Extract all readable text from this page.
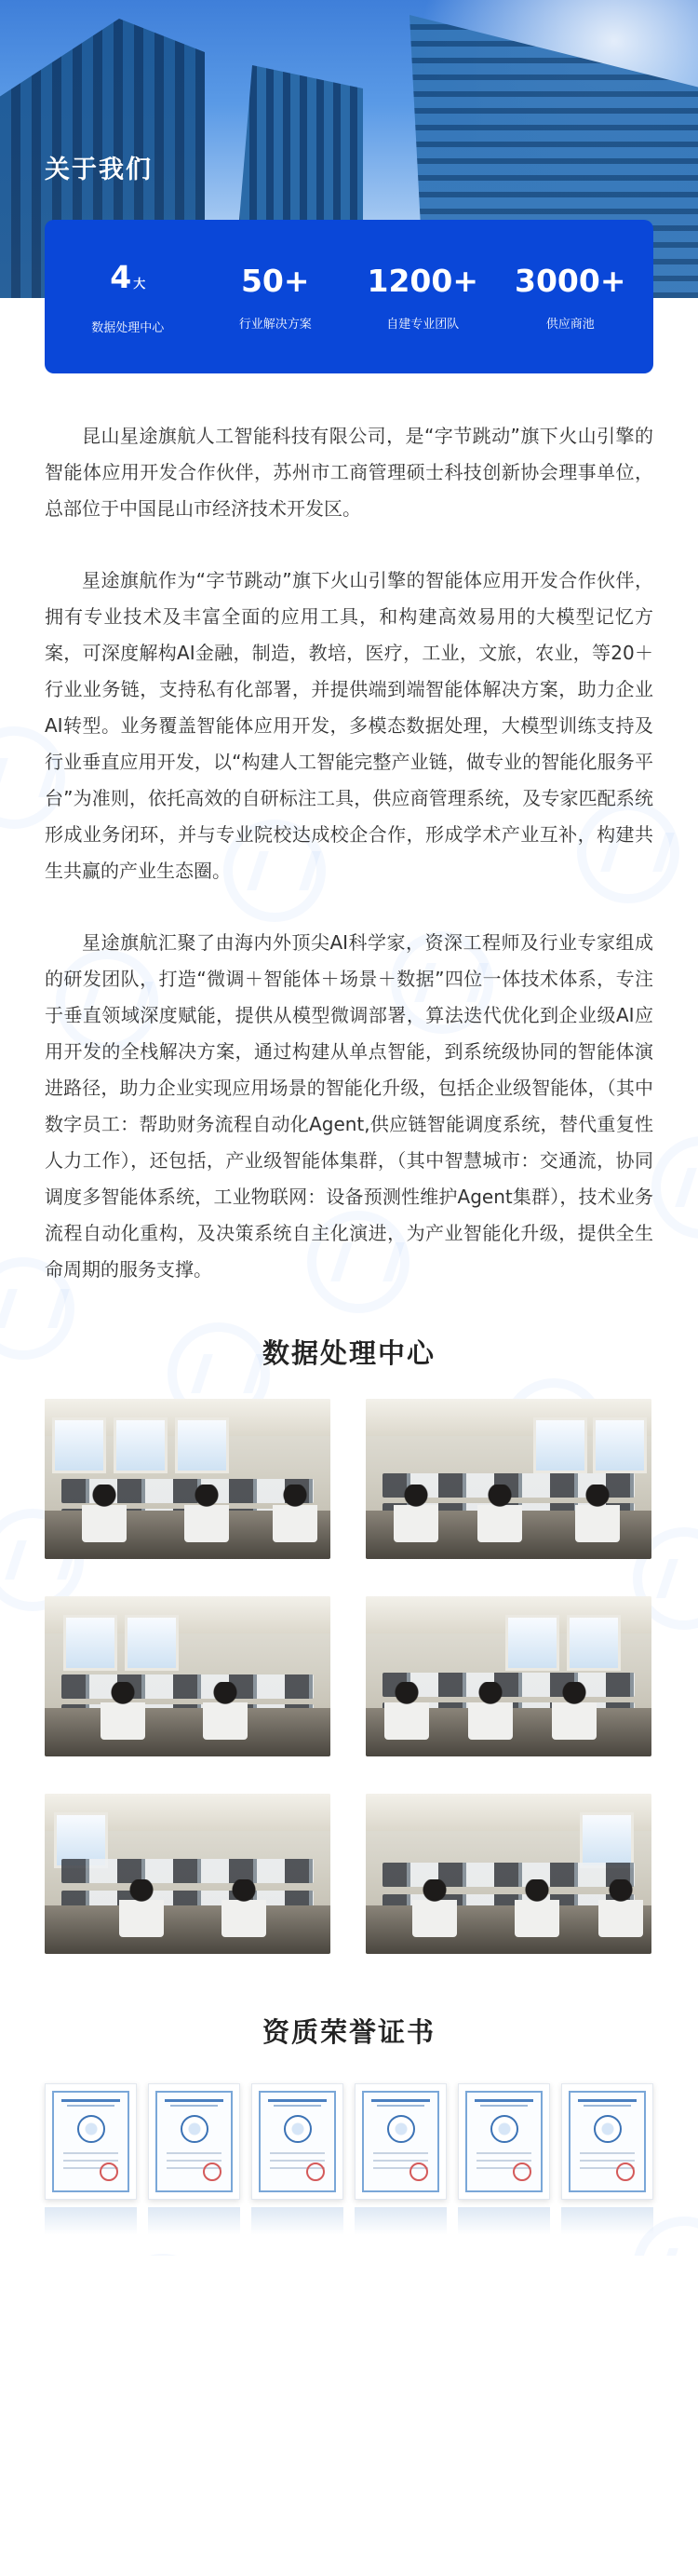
关于我们
4 大
数据处理中心
50+
行业解决方案
1200+
自建专业团队
3000+
供应商池

昆山星途旗航人工智能科技有限公司，是“字节跳动”旗下火山引擎的智能体应用开发合作伙伴，苏州市工商管理硕士科技创新协会理事单位，总部位于中国昆山市经济技术开发区。

星途旗航作为“字节跳动”旗下火山引擎的智能体应用开发合作伙伴，拥有专业技术及丰富全面的应用工具，和构建高效易用的大模型记忆方案，可深度解构AI金融，制造，教培，医疗，工业，文旅，农业，等20＋行业业务链，支持私有化部署，并提供端到端智能体解决方案，助力企业AI转型。业务覆盖智能体应用开发，多模态数据处理，大模型训练支持及行业垂直应用开发，以“构建人工智能完整产业链，做专业的智能化服务平台”为准则，依托高效的自研标注工具，供应商管理系统，及专家匹配系统形成业务闭环，并与专业院校达成校企合作，形成学术产业互补，构建共生共赢的产业生态圈。

星途旗航汇聚了由海内外顶尖AI科学家，资深工程师及行业专家组成的研发团队，打造“微调＋智能体＋场景＋数据”四位一体技术体系，专注于垂直领域深度赋能，提供从模型微调部署，算法迭代优化到企业级AI应用开发的全栈解决方案，通过构建从单点智能，到系统级协同的智能体演进路径，助力企业实现应用场景的智能化升级，包括企业级智能体，（其中数字员工：帮助财务流程自动化Agent,供应链智能调度系统，替代重复性人力工作），还包括，产业级智能体集群，（其中智慧城市：交通流，协同调度多智能体系统，工业物联网：设备预测性维护Agent集群），技术业务流程自动化重构，及决策系统自主化演进，为产业智能化升级，提供全生命周期的服务支撑。

数据处理中心
资质荣誉证书
